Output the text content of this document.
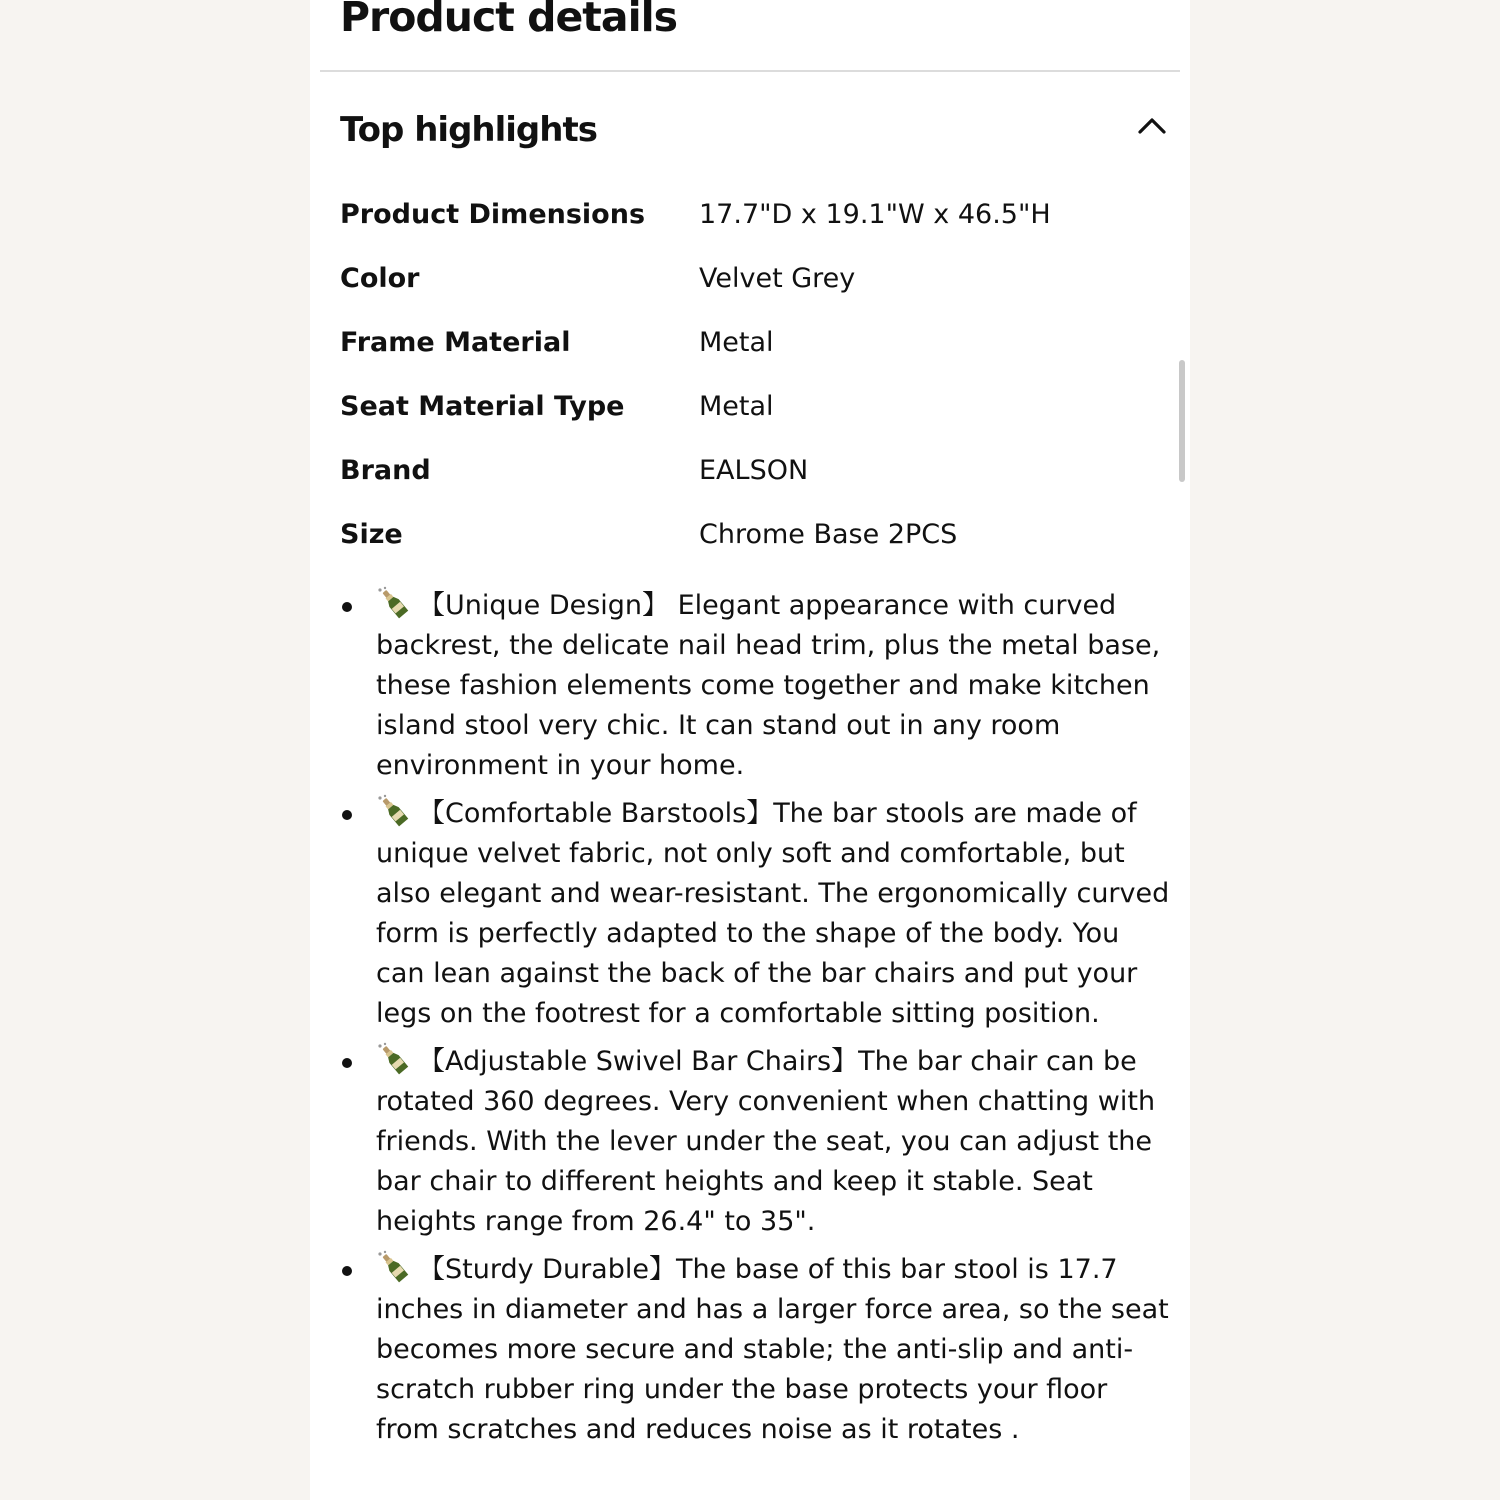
Product details
Top highlights
Product Dimensions	17.7"D x 19.1"W x 46.5"H
Color	Velvet Grey
Frame Material	Metal
Seat Material Type	Metal
Brand	EALSON
Size	Chrome Base 2PCS
【Unique Design】 Elegant appearance with curved backrest, the delicate nail head trim, plus the metal base, these fashion elements come together and make kitchen island stool very chic. It can stand out in any room environment in your home.
【Comfortable Barstools】The bar stools are made of unique velvet fabric, not only soft and comfortable, but also elegant and wear-resistant. The ergonomically curved form is perfectly adapted to the shape of the body. You can lean against the back of the bar chairs and put your legs on the footrest for a comfortable sitting position.
【Adjustable Swivel Bar Chairs】The bar chair can be rotated 360 degrees. Very convenient when chatting with friends. With the lever under the seat, you can adjust the bar chair to different heights and keep it stable. Seat heights range from 26.4" to 35".
【Sturdy Durable】The base of this bar stool is 17.7 inches in diameter and has a larger force area, so the seat becomes more secure and stable; the anti-slip and anti-scratch rubber ring under the base protects your floor from scratches and reduces noise as it rotates .
